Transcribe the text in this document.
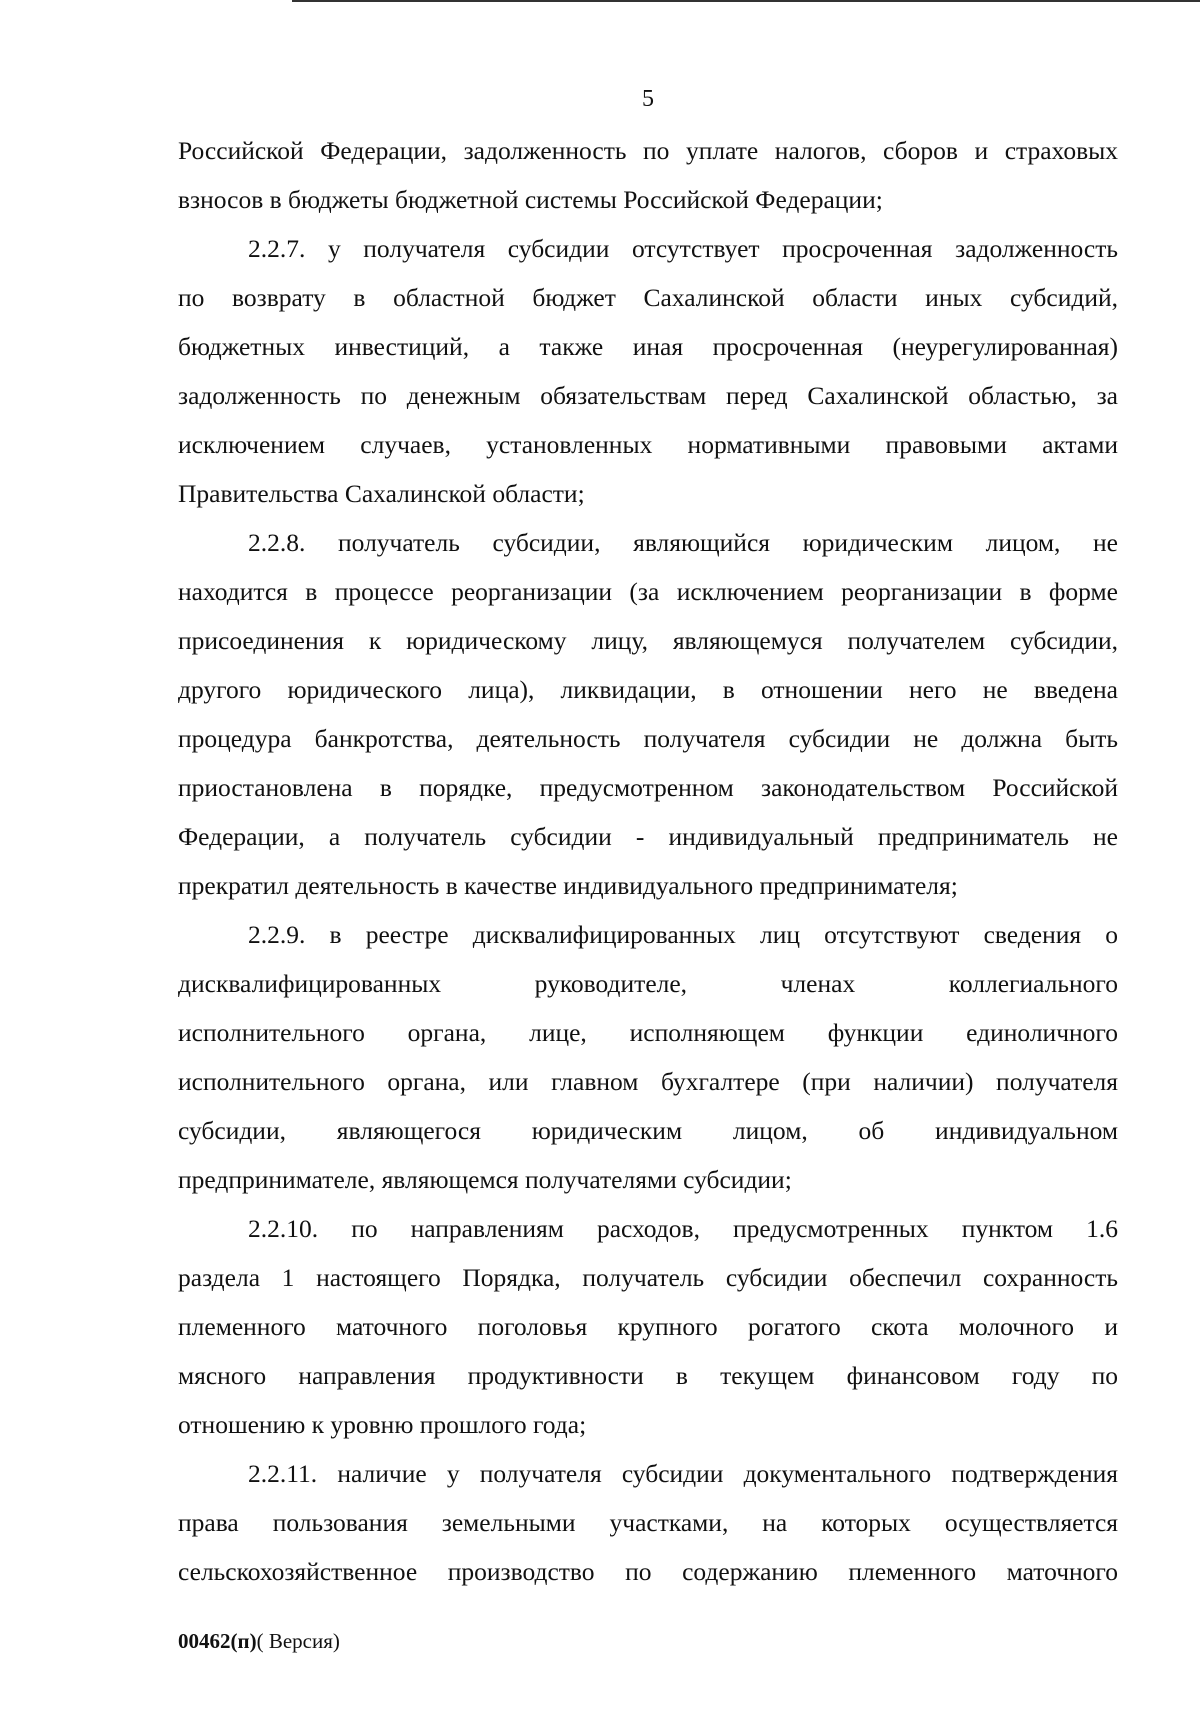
5

Российской Федерации, задолженность по уплате налогов, сборов и страховых

взносов в бюджеты бюджетной системы Российской Федерации;

2.2.7. у получателя субсидии отсутствует просроченная задолженность

по возврату в областной бюджет Сахалинской области иных субсидий,

бюджетных инвестиций, а также иная просроченная (неурегулированная)

задолженность по денежным обязательствам перед Сахалинской областью, за

исключением случаев, установленных нормативными правовыми актами

Правительства Сахалинской области;

2.2.8. получатель субсидии, являющийся юридическим лицом, не

находится в процессе реорганизации (за исключением реорганизации в форме

присоединения к юридическому лицу, являющемуся получателем субсидии,

другого юридического лица), ликвидации, в отношении него не введена

процедура банкротства, деятельность получателя субсидии не должна быть

приостановлена в порядке, предусмотренном законодательством Российской

Федерации, а получатель субсидии - индивидуальный предприниматель не

прекратил деятельность в качестве индивидуального предпринимателя;

2.2.9. в реестре дисквалифицированных лиц отсутствуют сведения о

дисквалифицированных руководителе, членах коллегиального

исполнительного органа, лице, исполняющем функции единоличного

исполнительного органа, или главном бухгалтере (при наличии) получателя

субсидии, являющегося юридическим лицом, об индивидуальном

предпринимателе, являющемся получателями субсидии;

2.2.10. по направлениям расходов, предусмотренных пунктом 1.6

раздела 1 настоящего Порядка, получатель субсидии обеспечил сохранность

племенного маточного поголовья крупного рогатого скота молочного и

мясного направления продуктивности в текущем финансовом году по

отношению к уровню прошлого года;

2.2.11. наличие у получателя субсидии документального подтверждения

права пользования земельными участками, на которых осуществляется

сельскохозяйственное производство по содержанию племенного маточного

00462(п)( Версия)
